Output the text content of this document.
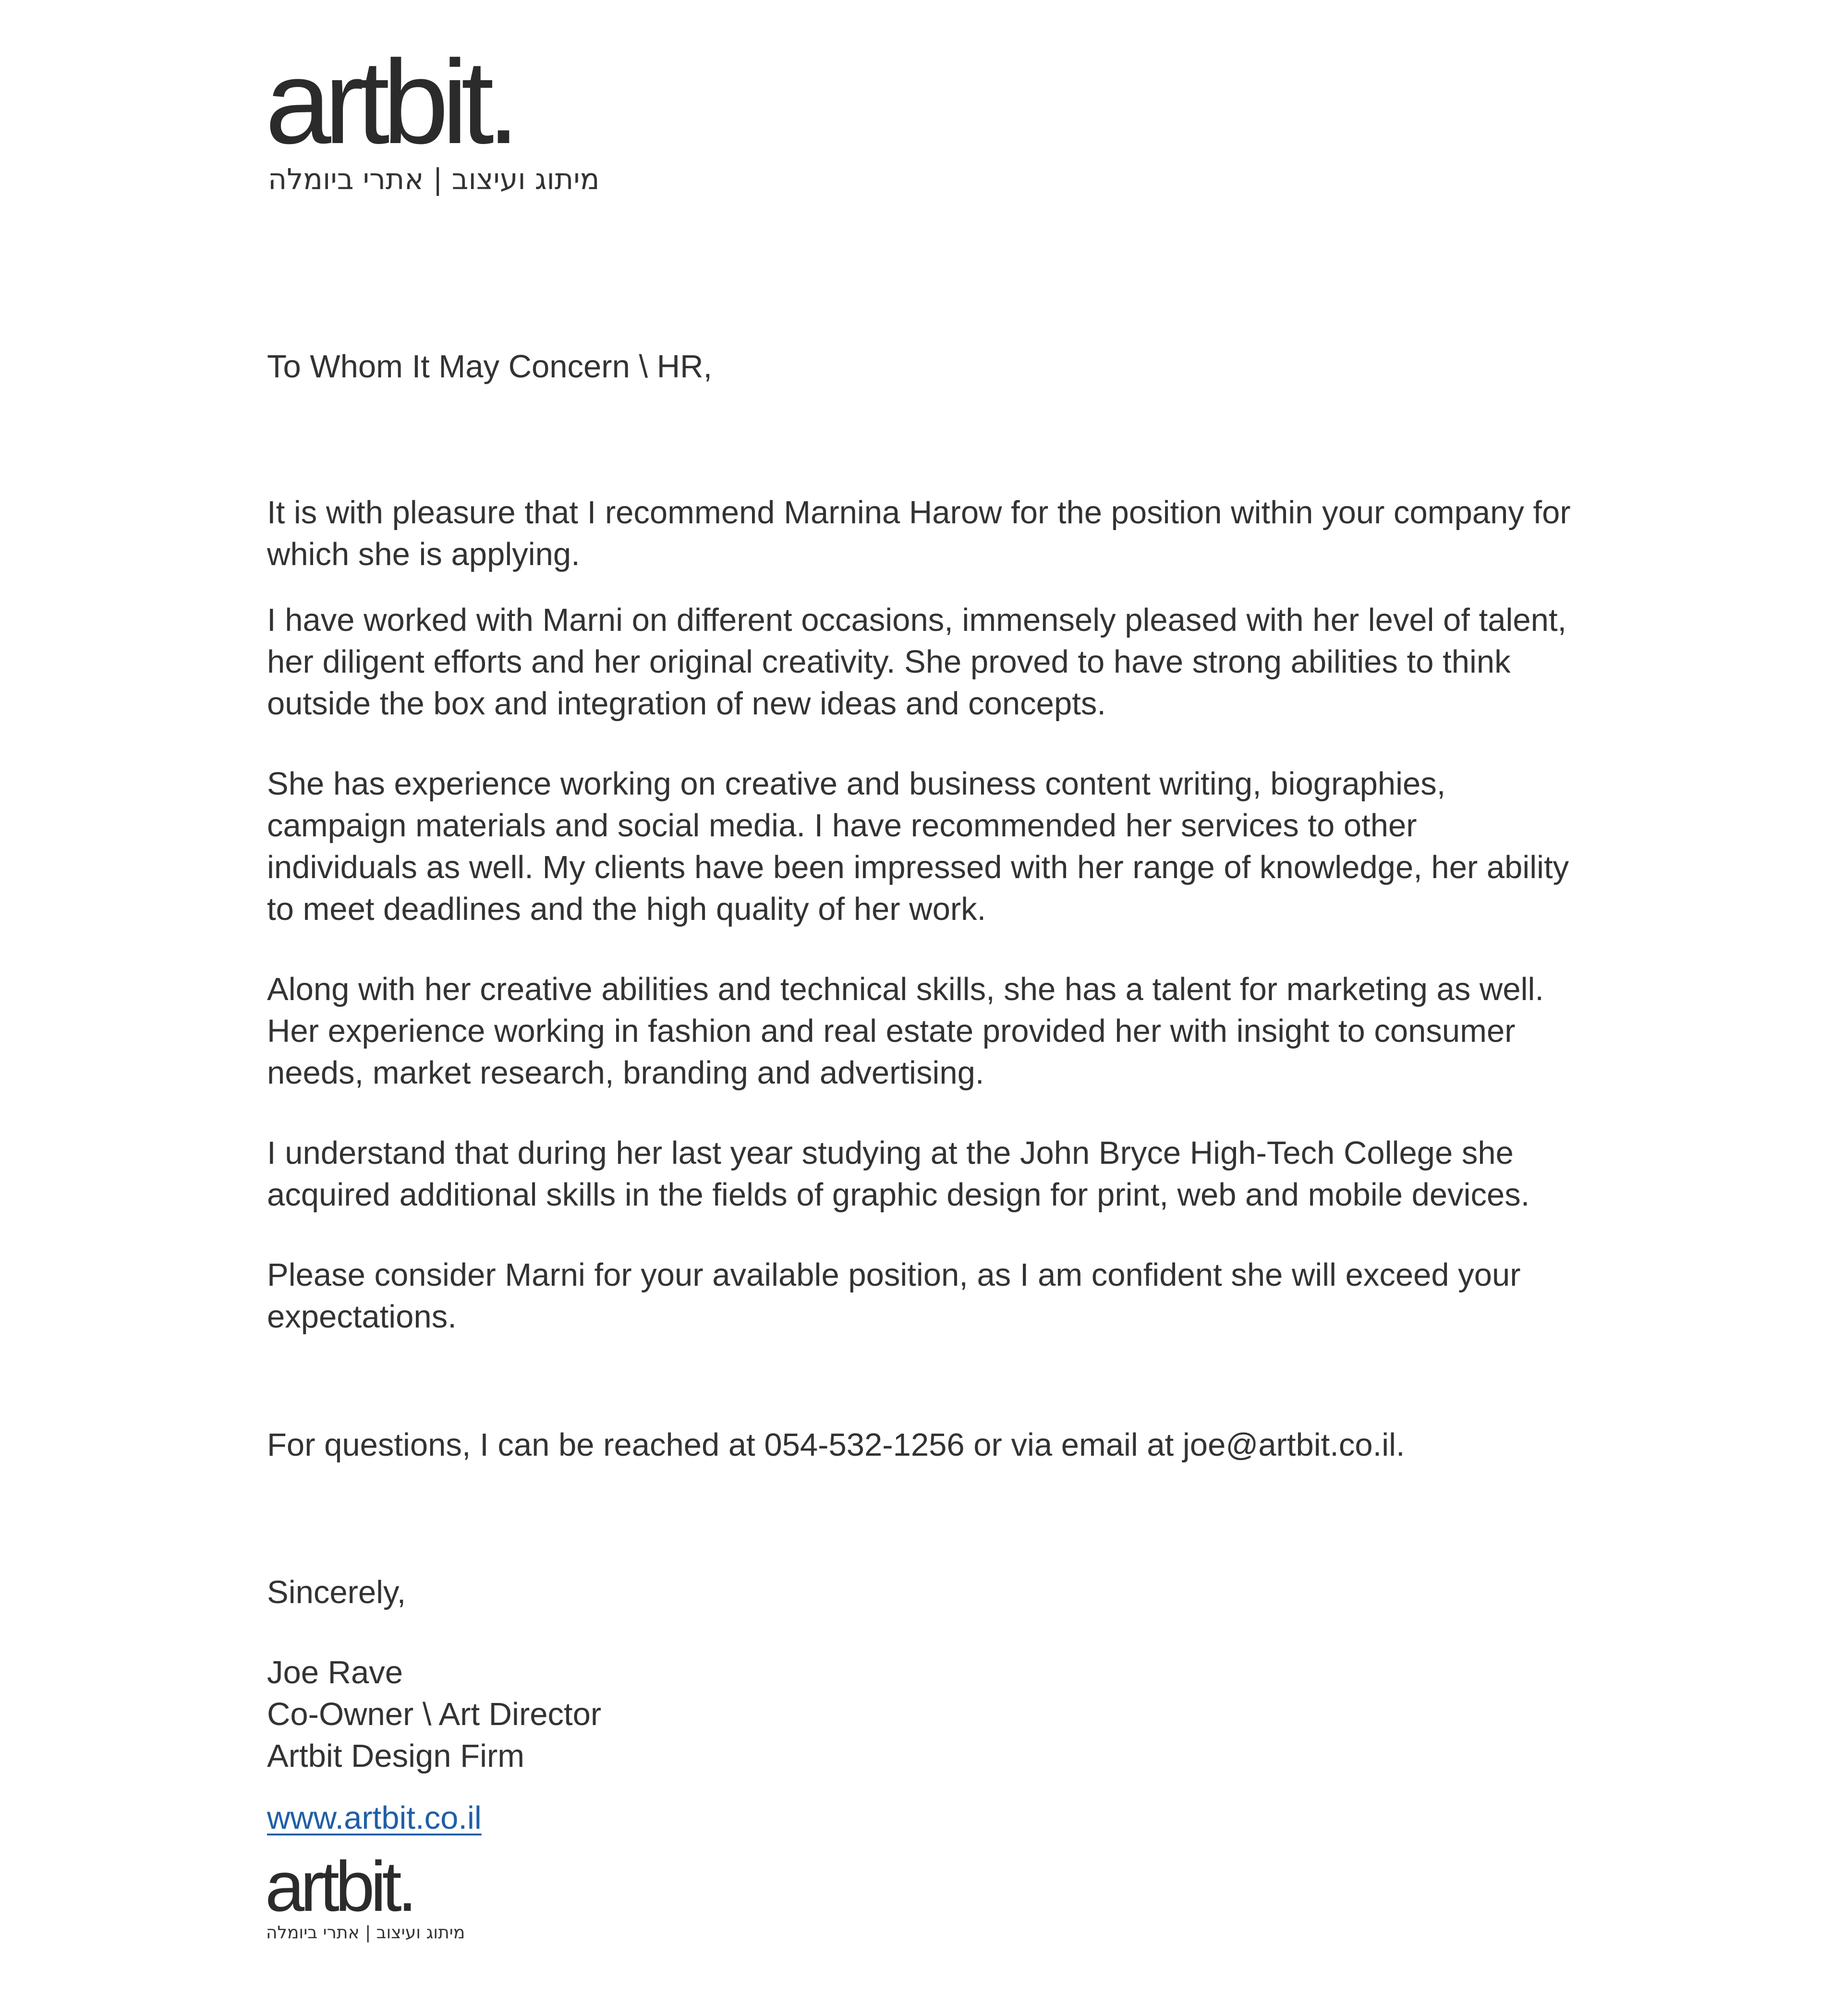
artbit.
מיתוג ועיצוב | אתרי ביומלה

To Whom It May Concern \ HR,

It is with pleasure that I recommend Marnina Harow for the position within your company for which she is applying.

I have worked with Marni on different occasions, immensely pleased with her level of talent, her diligent efforts and her original creativity. She proved to have strong abilities to think outside the box and integration of new ideas and concepts.

She has experience working on creative and business content writing, biographies, campaign materials and social media. I have recommended her services to other individuals as well. My clients have been impressed with her range of knowledge, her ability to meet deadlines and the high quality of her work.

Along with her creative abilities and technical skills, she has a talent for marketing as well. Her experience working in fashion and real estate provided her with insight to consumer needs, market research, branding and advertising.

I understand that during her last year studying at the John Bryce High-Tech College she acquired additional skills in the fields of graphic design for print, web and mobile devices.

Please consider Marni for your available position, as I am confident she will exceed your expectations.

For questions, I can be reached at 054-532-1256 or via email at joe@artbit.co.il.

Sincerely,

Joe Rave
Co-Owner \ Art Director
Artbit Design Firm
www.artbit.co.il
artbit.
מיתוג ועיצוב | אתרי ביומלה
